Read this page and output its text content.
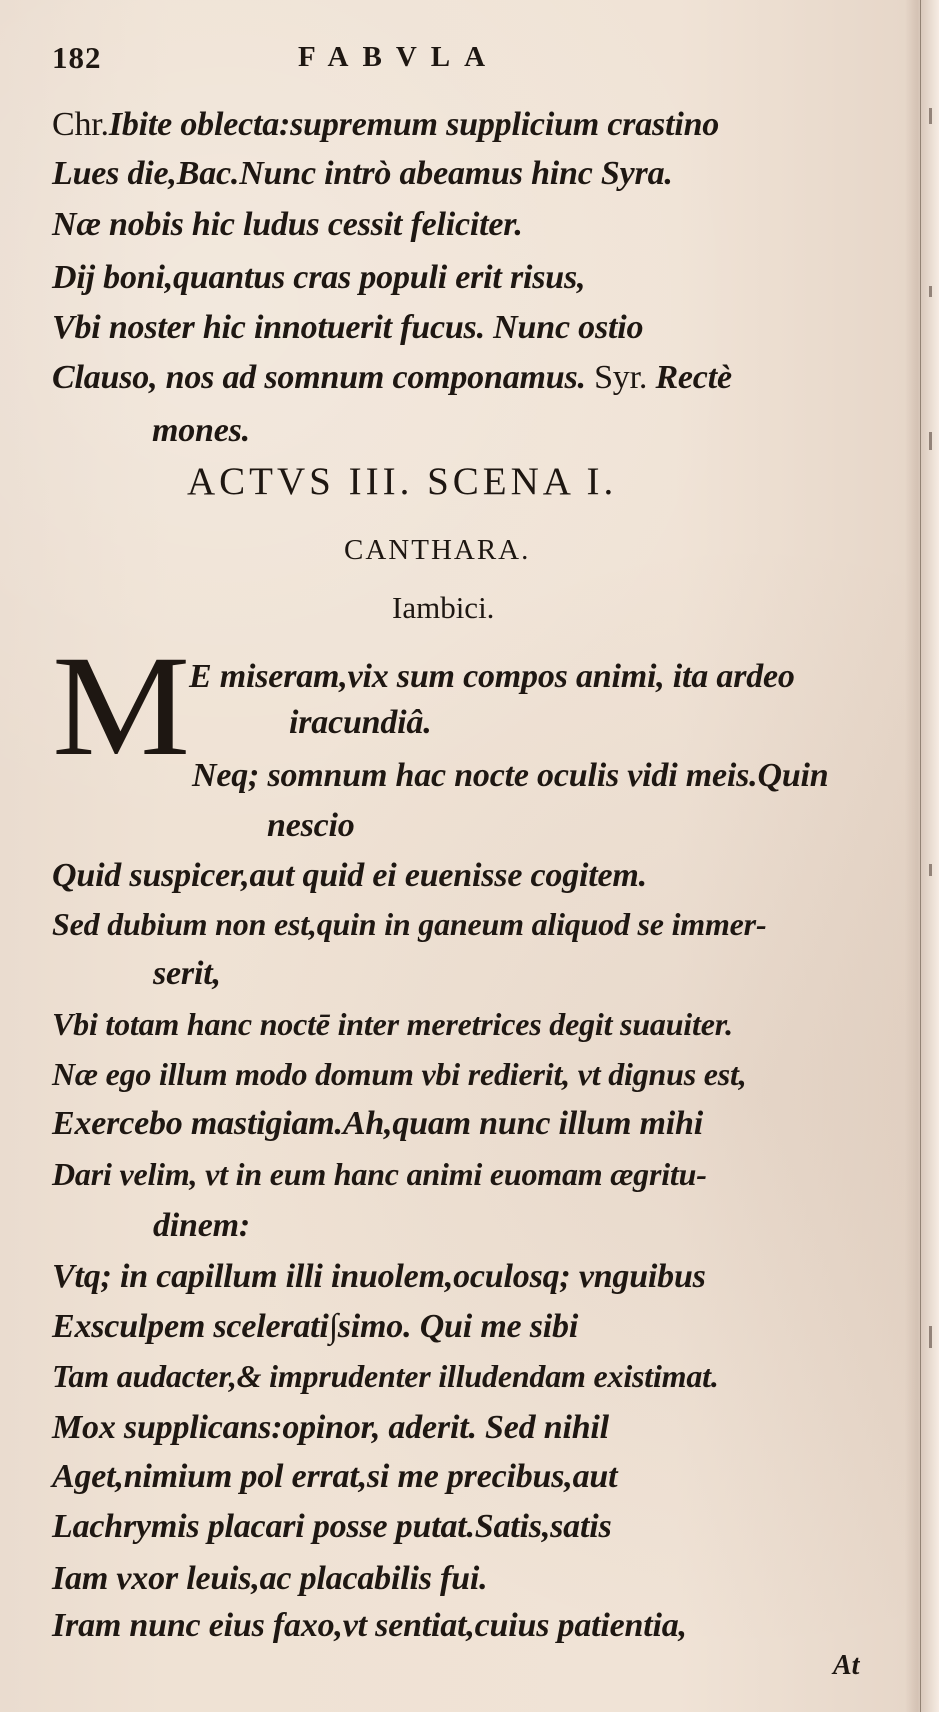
182	FABVLA
Chr.Ibite oblecta:supremum supplicium crastino
Lues die,Bac.Nunc intrò abeamus hinc Syra.
Næ nobis hic ludus cessit feliciter.
Dij boni,quantus cras populi erit risus,
Vbi noster hic innotuerit fucus. Nunc ostio
Clauso, nos ad somnum componamus. Syr. Rectè
mones.
ACTVS III. SCENA I.
CANTHARA.
Iambici.
M E miseram,vix sum compos animi, ita ardeo
iracundiâ.
Neq; somnum hac nocte oculis vidi meis.Quin
nescio
Quid suspicer,aut quid ei euenisse cogitem.
Sed dubium non est,quin in ganeum aliquod se immer-
serit,
Vbi totam hanc noctē inter meretrices degit suauiter.
Næ ego illum modo domum vbi redierit, vt dignus est,
Exercebo mastigiam.Ah,quam nunc illum mihi
Dari velim, vt in eum hanc animi euomam ægritu-
dinem:
Vtq; in capillum illi inuolem,oculosq; vnguibus
Exsculpem scelerati∫simo. Qui me sibi
Tam audacter,& imprudenter illudendam existimat.
Mox supplicans:opinor, aderit. Sed nihil
Aget,nimium pol errat,si me precibus,aut
Lachrymis placari posse putat.Satis,satis
Iam vxor leuis,ac placabilis fui.
Iram nunc eius faxo,vt sentiat,cuius patientia,
At
